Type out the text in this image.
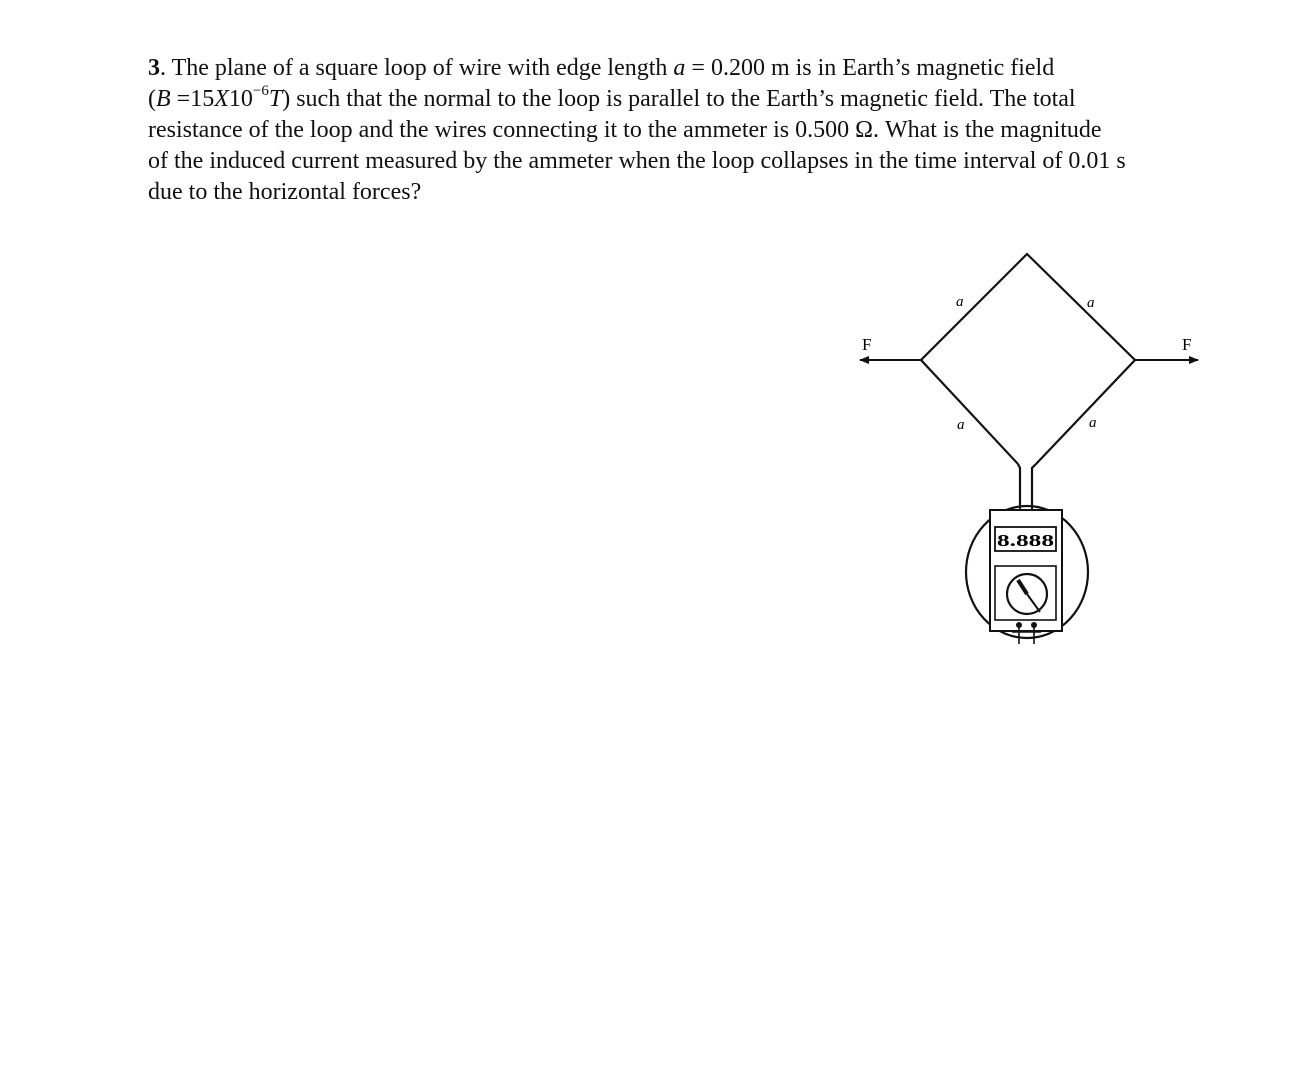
3. The plane of a square loop of wire with edge length a = 0.200 m is in Earth’s magnetic field
$(B =15X10^{-6}T)$ such that the normal to the loop is parallel to the Earth’s magnetic field. The total
resistance of the loop and the wires connecting it to the ammeter is 0.500 Ω. What is the magnitude
of the induced current measured by the ammeter when the loop collapses in the time interval of 0.01 s
due to the horizontal forces?
F	F
a	a
a	a
8.888
